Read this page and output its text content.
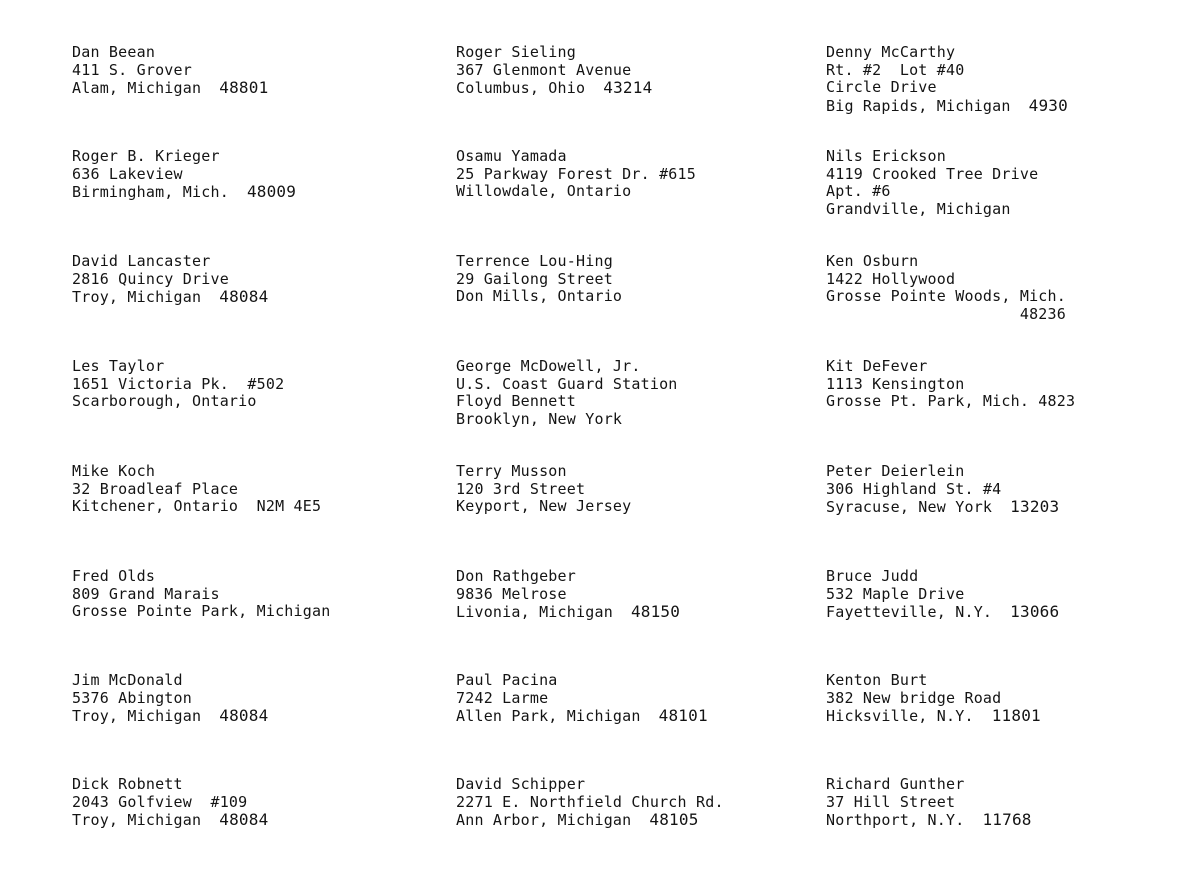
Dan Beean
411 S. Grover
Alam, Michigan 48801
Roger B. Krieger
636 Lakeview
Birmingham, Mich. 48009
David Lancaster
2816 Quincy Drive
Troy, Michigan 48084
Les Taylor
1651 Victoria Pk.  #502
Scarborough, Ontario
Mike Koch
32 Broadleaf Place
Kitchener, Ontario  N2M 4E5
Fred Olds
809 Grand Marais
Grosse Pointe Park, Michigan
Jim McDonald
5376 Abington
Troy, Michigan 48084
Dick Robnett
2043 Golfview  #109
Troy, Michigan 48084
Roger Sieling
367 Glenmont Avenue
Columbus, Ohio 43214
Osamu Yamada
25 Parkway Forest Dr. #615
Willowdale, Ontario
Terrence Lou-Hing
29 Gailong Street
Don Mills, Ontario
George McDowell, Jr.
U.S. Coast Guard Station
Floyd Bennett
Brooklyn, New York
Terry Musson
120 3rd Street
Keyport, New Jersey
Don Rathgeber
9836 Melrose
Livonia, Michigan 48150
Paul Pacina
7242 Larme
Allen Park, Michigan 48101
David Schipper
2271 E. Northfield Church Rd.
Ann Arbor, Michigan 48105
Denny McCarthy
Rt. #2  Lot #40
Circle Drive
Big Rapids, Michigan 4930
Nils Erickson
4119 Crooked Tree Drive
Apt. #6
Grandville, Michigan
Ken Osburn
1422 Hollywood
Grosse Pointe Woods, Mich.
48236
Kit DeFever
1113 Kensington
Grosse Pt. Park, Mich. 4823
Peter Deierlein
306 Highland St. #4
Syracuse, New York 13203
Bruce Judd
532 Maple Drive
Fayetteville, N.Y. 13066
Kenton Burt
382 New bridge Road
Hicksville, N.Y. 11801
Richard Gunther
37 Hill Street
Northport, N.Y. 11768
